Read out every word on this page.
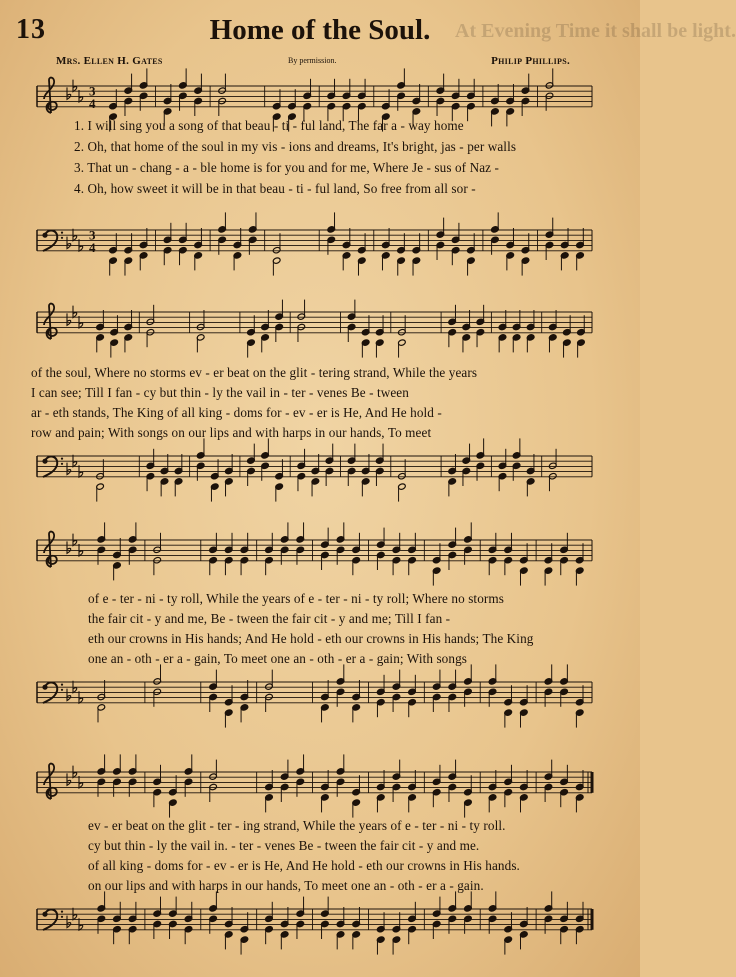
13	Home of the Soul.	At Evening Time it shall be light.
Mrs. Ellen H. Gates	By permission.	Philip Phillips.
3
4
1. I will sing you a song of that beau - ti - ful land, The far a - way home
2. Oh, that home of the soul in my vis - ions and dreams, It's bright, jas - per walls
3. That un - chang - a - ble home is for you and for me, Where Je - sus of Naz -
4. Oh, how sweet it will be in that beau - ti - ful land, So free from all sor -
3
4
of the soul, Where no storms ev - er beat on the glit - tering strand, While the years
I can see; Till I fan - cy but thin - ly the vail in - ter - venes Be - tween
ar - eth stands, The King of all king - doms for - ev - er is He, And He hold -
row and pain; With songs on our lips and with harps in our hands, To meet
of e - ter - ni - ty roll, While the years of e - ter - ni - ty roll; Where no storms
the fair cit - y and me, Be - tween the fair cit - y and me; Till I fan -
eth our crowns in His hands; And He hold - eth our crowns in His hands; The King
one an - oth - er a - gain, To meet one an - oth - er a - gain; With songs
ev - er beat on the glit - ter - ing strand, While the years of e - ter - ni - ty roll.
cy but thin - ly the vail in. - ter - venes Be - tween the fair cit - y and me.
of all king - doms for - ev - er is He, And He hold - eth our crowns in His hands.
on our lips and with harps in our hands, To meet one an - oth - er a - gain.
